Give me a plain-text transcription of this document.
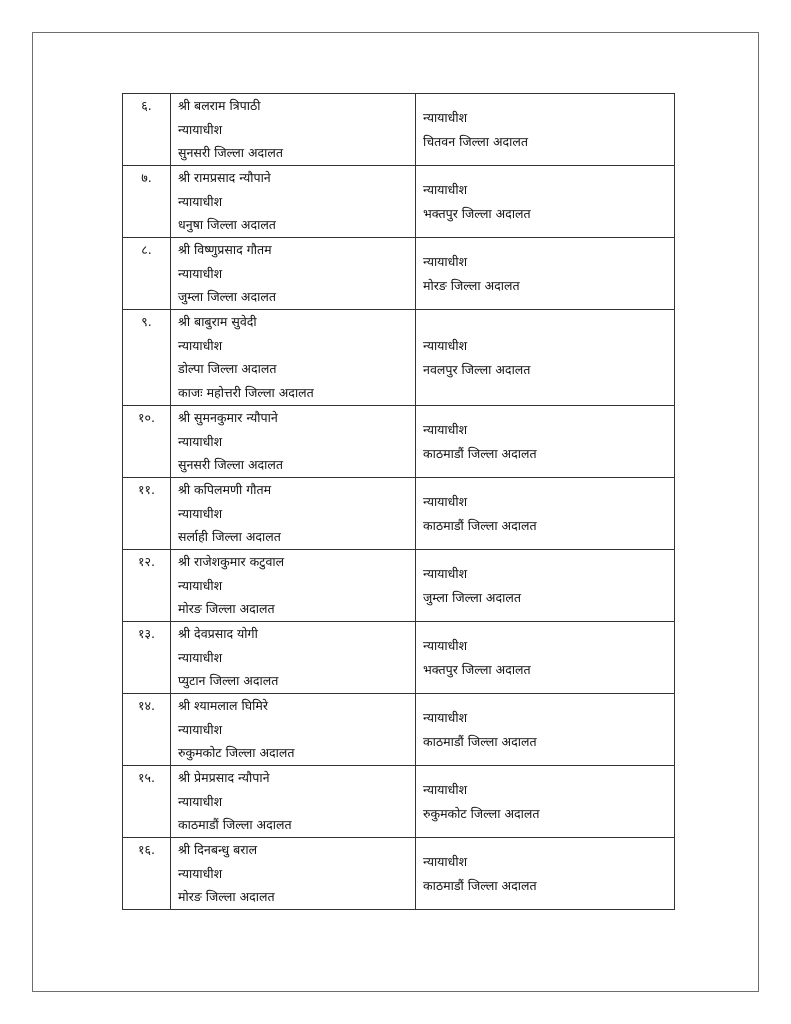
६.	श्री बलराम त्रिपाठी
न्यायाधीश
सुनसरी जिल्ला अदालत	न्यायाधीश
चितवन जिल्ला अदालत

७.	श्री रामप्रसाद न्यौपाने
न्यायाधीश
धनुषा जिल्ला अदालत	न्यायाधीश
भक्तपुर जिल्ला अदालत

८.	श्री विष्णुप्रसाद गौतम
न्यायाधीश
जुम्ला जिल्ला अदालत	न्यायाधीश
मोरङ जिल्ला अदालत

९.	श्री बाबुराम सुवेदी
न्यायाधीश
डोल्पा जिल्ला अदालत
काजः महोत्तरी जिल्ला अदालत	न्यायाधीश
नवलपुर जिल्ला अदालत

१०.	श्री सुमनकुमार न्यौपाने
न्यायाधीश
सुनसरी जिल्ला अदालत	न्यायाधीश
काठमाडौं जिल्ला अदालत

११.	श्री कपिलमणी गौतम
न्यायाधीश
सर्लाही जिल्ला अदालत	न्यायाधीश
काठमाडौं जिल्ला अदालत

१२.	श्री राजेशकुमार कटुवाल
न्यायाधीश
मोरङ जिल्ला अदालत	न्यायाधीश
जुम्ला जिल्ला अदालत

१३.	श्री देवप्रसाद योगी
न्यायाधीश
प्युटान जिल्ला अदालत	न्यायाधीश
भक्तपुर जिल्ला अदालत

१४.	श्री श्यामलाल घिमिरे
न्यायाधीश
रुकुमकोट जिल्ला अदालत	न्यायाधीश
काठमाडौं जिल्ला अदालत

१५.	श्री प्रेमप्रसाद न्यौपाने
न्यायाधीश
काठमाडौं जिल्ला अदालत	न्यायाधीश
रुकुमकोट जिल्ला अदालत

१६.	श्री दिनबन्धु बराल
न्यायाधीश
मोरङ जिल्ला अदालत	न्यायाधीश
काठमाडौं जिल्ला अदालत
